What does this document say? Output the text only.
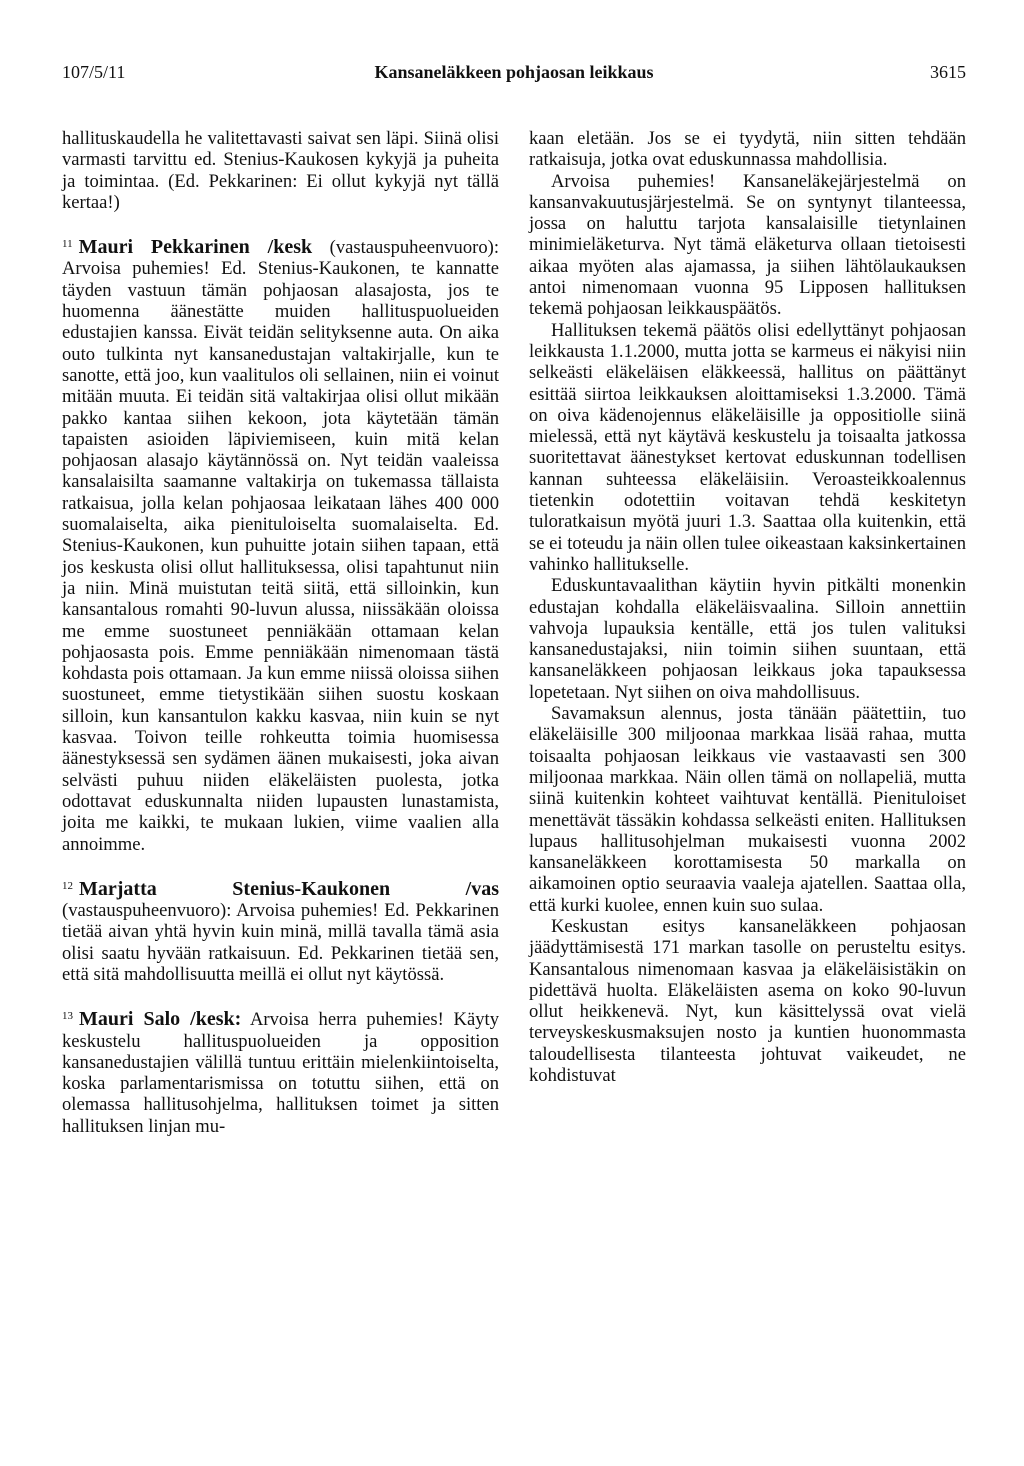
107/5/11	Kansaneläkkeen pohjaosan leikkaus	3615

hallituskaudella he valitettavasti saivat sen läpi. Siinä olisi varmasti tarvittu ed. Stenius-Kaukosen kykyjä ja puheita ja toimintaa. (Ed. Pekkarinen: Ei ollut kykyjä nyt tällä kertaa!)

$^{11}$ Mauri Pekkarinen /kesk (vastauspuheenvuoro): Arvoisa puhemies! Ed. Stenius-Kaukonen, te kannatte täyden vastuun tämän pohjaosan alasajosta, jos te huomenna äänestätte muiden hallituspuolueiden edustajien kanssa. Eivät teidän selityksenne auta. On aika outo tulkinta nyt kansanedustajan valtakirjalle, kun te sanotte, että joo, kun vaalitulos oli sellainen, niin ei voinut mitään muuta. Ei teidän sitä valtakirjaa olisi ollut mikään pakko kantaa siihen kekoon, jota käytetään tämän tapaisten asioiden läpiviemiseen, kuin mitä kelan pohjaosan alasajo käytännössä on. Nyt teidän vaaleissa kansalaisilta saamanne valtakirja on tukemassa tällaista ratkaisua, jolla kelan pohjaosaa leikataan lähes 400 000 suomalaiselta, aika pienituloiselta suomalaiselta. Ed. Stenius-Kaukonen, kun puhuitte jotain siihen tapaan, että jos keskusta olisi ollut hallituksessa, olisi tapahtunut niin ja niin. Minä muistutan teitä siitä, että silloinkin, kun kansantalous romahti 90-luvun alussa, niissäkään oloissa me emme suostuneet penniäkään ottamaan kelan pohjaosasta pois. Emme penniäkään nimenomaan tästä kohdasta pois ottamaan. Ja kun emme niissä oloissa siihen suostuneet, emme tietystikään siihen suostu koskaan silloin, kun kansantulon kakku kasvaa, niin kuin se nyt kasvaa. Toivon teille rohkeutta toimia huomisessa äänestyksessä sen sydämen äänen mukaisesti, joka aivan selvästi puhuu niiden eläkeläisten puolesta, jotka odottavat eduskunnalta niiden lupausten lunastamista, joita me kaikki, te mukaan lukien, viime vaalien alla annoimme.

$^{12}$ Marjatta Stenius-Kaukonen /vas (vastauspuheenvuoro): Arvoisa puhemies! Ed. Pekkarinen tietää aivan yhtä hyvin kuin minä, millä tavalla tämä asia olisi saatu hyvään ratkaisuun. Ed. Pekkarinen tietää sen, että sitä mahdollisuutta meillä ei ollut nyt käytössä.

$^{13}$ Mauri Salo /kesk: Arvoisa herra puhemies! Käyty keskustelu hallituspuolueiden ja opposition kansanedustajien välillä tuntuu erittäin mielenkiintoiselta, koska parlamentarismissa on totuttu siihen, että on olemassa hallitusohjelma, hallituksen toimet ja sitten hallituksen linjan mu-

kaan eletään. Jos se ei tyydytä, niin sitten tehdään ratkaisuja, jotka ovat eduskunnassa mahdollisia.

Arvoisa puhemies! Kansaneläkejärjestelmä on kansanvakuutusjärjestelmä. Se on syntynyt tilanteessa, jossa on haluttu tarjota kansalaisille tietynlainen minimieläketurva. Nyt tämä eläketurva ollaan tietoisesti aikaa myöten alas ajamassa, ja siihen lähtölaukauksen antoi nimenomaan vuonna 95 Lipposen hallituksen tekemä pohjaosan leikkauspäätös.

Hallituksen tekemä päätös olisi edellyttänyt pohjaosan leikkausta 1.1.2000, mutta jotta se karmeus ei näkyisi niin selkeästi eläkeläisen eläkkeessä, hallitus on päättänyt esittää siirtoa leikkauksen aloittamiseksi 1.3.2000. Tämä on oiva kädenojennus eläkeläisille ja oppositiolle siinä mielessä, että nyt käytävä keskustelu ja toisaalta jatkossa suoritettavat äänestykset kertovat eduskunnan todellisen kannan suhteessa eläkeläisiin. Veroasteikkoalennus tietenkin odotettiin voitavan tehdä keskitetyn tuloratkaisun myötä juuri 1.3. Saattaa olla kuitenkin, että se ei toteudu ja näin ollen tulee oikeastaan kaksinkertainen vahinko hallitukselle.

Eduskuntavaalithan käytiin hyvin pitkälti monenkin edustajan kohdalla eläkeläisvaalina. Silloin annettiin vahvoja lupauksia kentälle, että jos tulen valituksi kansanedustajaksi, niin toimin siihen suuntaan, että kansaneläkkeen pohjaosan leikkaus joka tapauksessa lopetetaan. Nyt siihen on oiva mahdollisuus.

Savamaksun alennus, josta tänään päätettiin, tuo eläkeläisille 300 miljoonaa markkaa lisää rahaa, mutta toisaalta pohjaosan leikkaus vie vastaavasti sen 300 miljoonaa markkaa. Näin ollen tämä on nollapeliä, mutta siinä kuitenkin kohteet vaihtuvat kentällä. Pienituloiset menettävät tässäkin kohdassa selkeästi eniten. Hallituksen lupaus hallitusohjelman mukaisesti vuonna 2002 kansaneläkkeen korottamisesta 50 markalla on aikamoinen optio seuraavia vaaleja ajatellen. Saattaa olla, että kurki kuolee, ennen kuin suo sulaa.

Keskustan esitys kansaneläkkeen pohjaosan jäädyttämisestä 171 markan tasolle on perusteltu esitys. Kansantalous nimenomaan kasvaa ja eläkeläisistäkin on pidettävä huolta. Eläkeläisten asema on koko 90-luvun ollut heikkenevä. Nyt, kun käsittelyssä ovat vielä terveyskeskusmaksujen nosto ja kuntien huonommasta taloudellisesta tilanteesta johtuvat vaikeudet, ne kohdistuvat
